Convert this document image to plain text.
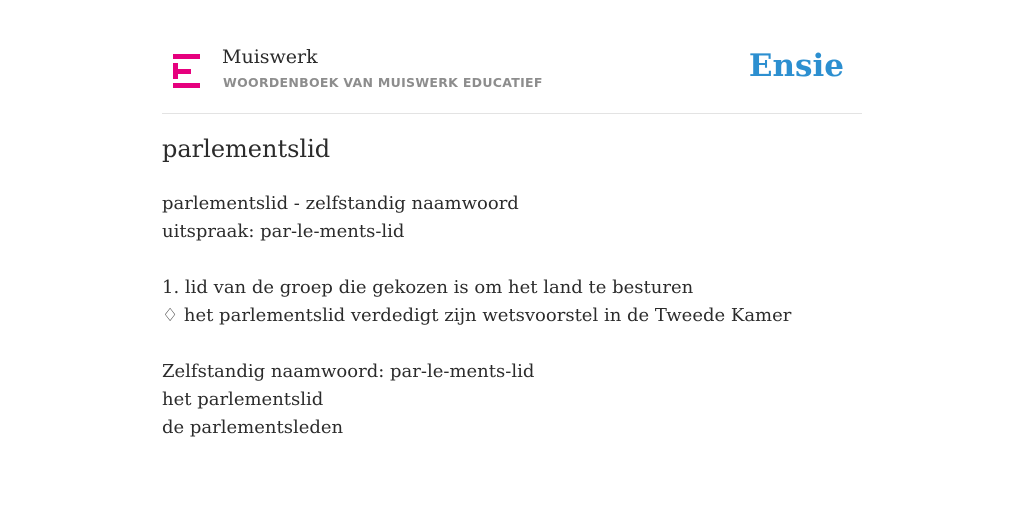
Muiswerk
WOORDENBOEK VAN MUISWERK EDUCATIEF	Ensie
parlementslid
parlementslid - zelfstandig naamwoord
uitspraak: par-le-ments-lid
1. lid van de groep die gekozen is om het land te besturen
♢ het parlementslid verdedigt zijn wetsvoorstel in de Tweede Kamer
Zelfstandig naamwoord: par-le-ments-lid
het parlementslid
de parlementsleden
